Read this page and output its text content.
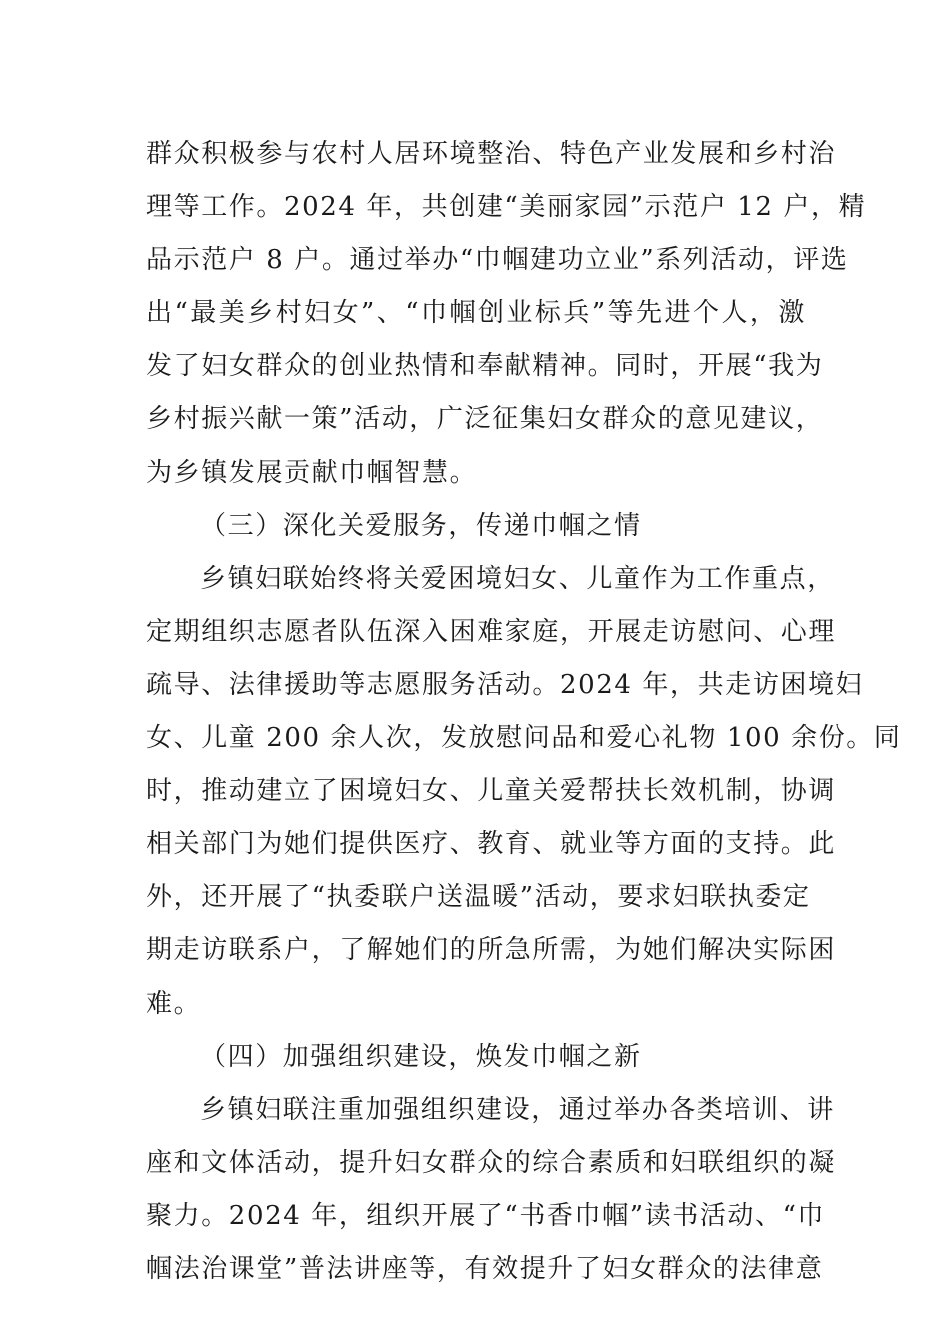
群众积极参与农村人居环境整治、特色产业发展和乡村治
理等工作。2024 年，共创建“美丽家园”示范户 12 户，精
品示范户 8 户。通过举办“巾帼建功立业”系列活动，评选
出“最美乡村妇女”、“巾帼创业标兵”等先进个人，激
发了妇女群众的创业热情和奉献精神。同时，开展“我为
乡村振兴献一策”活动，广泛征集妇女群众的意见建议，
为乡镇发展贡献巾帼智慧。
（三）深化关爱服务，传递巾帼之情
乡镇妇联始终将关爱困境妇女、儿童作为工作重点，
定期组织志愿者队伍深入困难家庭，开展走访慰问、心理
疏导、法律援助等志愿服务活动。2024 年，共走访困境妇
女、儿童 200 余人次，发放慰问品和爱心礼物 100 余份。同
时，推动建立了困境妇女、儿童关爱帮扶长效机制，协调
相关部门为她们提供医疗、教育、就业等方面的支持。此
外，还开展了“执委联户送温暖”活动，要求妇联执委定
期走访联系户，了解她们的所急所需，为她们解决实际困
难。
（四）加强组织建设，焕发巾帼之新
乡镇妇联注重加强组织建设，通过举办各类培训、讲
座和文体活动，提升妇女群众的综合素质和妇联组织的凝
聚力。2024 年，组织开展了“书香巾帼”读书活动、“巾
帼法治课堂”普法讲座等，有效提升了妇女群众的法律意
